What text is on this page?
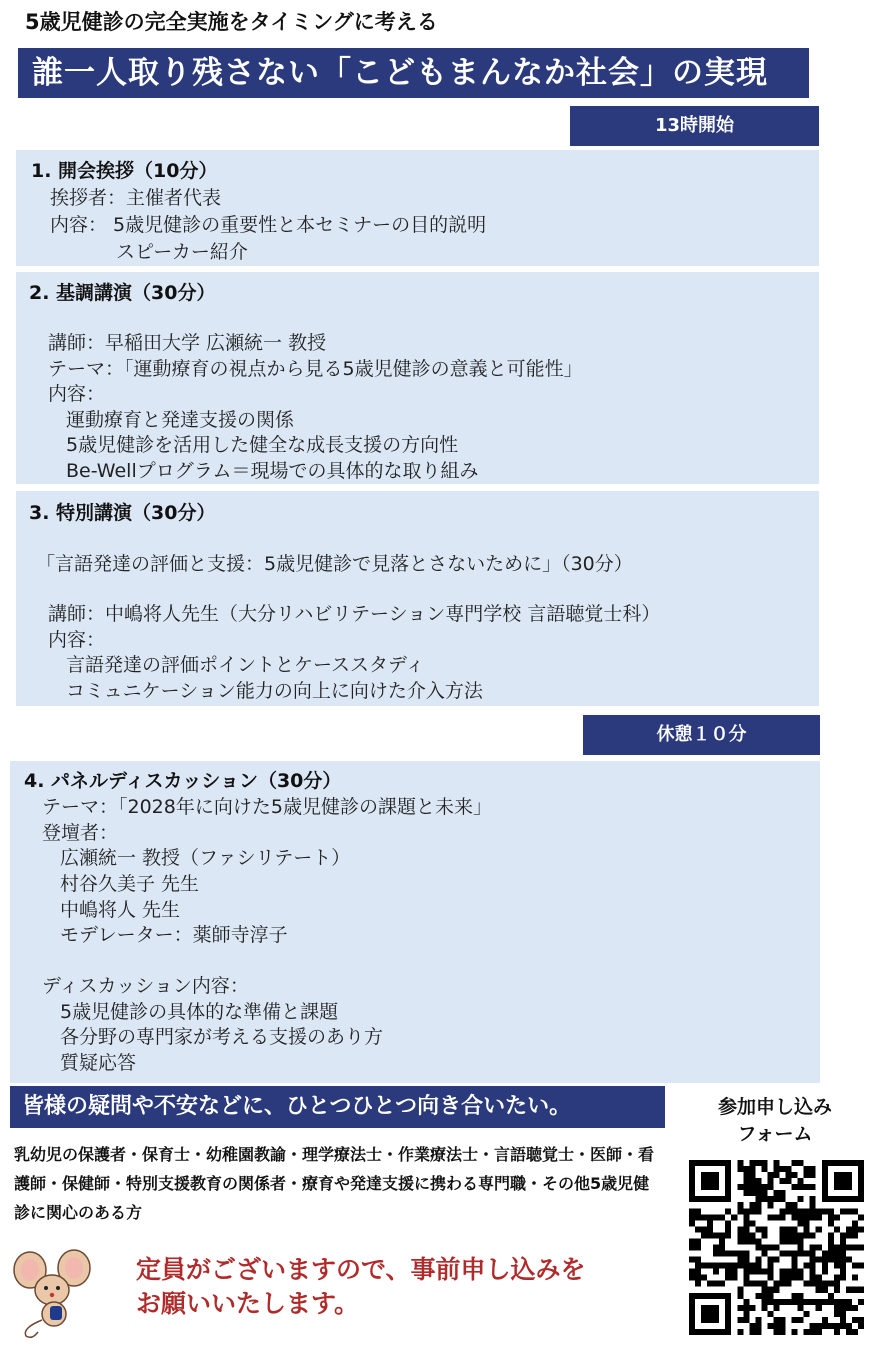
5歳児健診の完全実施をタイミングに考える
誰一人取り残さない「こどもまんなか社会」の実現
13時開始
1. 開会挨拶（10分）
挨拶者：主催者代表
内容： 5歳児健診の重要性と本セミナーの目的説明
スピーカー紹介
2. 基調講演（30分）
講師：早稲田大学 広瀬統一 教授
テーマ：「運動療育の視点から見る5歳児健診の意義と可能性」
内容：
運動療育と発達支援の関係
5歳児健診を活用した健全な成長支援の方向性
Be-Wellプログラム＝現場での具体的な取り組み
3. 特別講演（30分）
「言語発達の評価と支援：5歳児健診で見落とさないために」（30分）
講師：中嶋将人先生（大分リハビリテーション専門学校 言語聴覚士科）
内容：
言語発達の評価ポイントとケーススタディ
コミュニケーション能力の向上に向けた介入方法
休憩１０分
4. パネルディスカッション（30分）
テーマ：「2028年に向けた5歳児健診の課題と未来」
登壇者：
広瀬統一 教授（ファシリテート）
村谷久美子 先生
中嶋将人 先生
モデレーター：薬師寺淳子
ディスカッション内容：
5歳児健診の具体的な準備と課題
各分野の専門家が考える支援のあり方
質疑応答
皆様の疑問や不安などに、ひとつひとつ向き合いたい。
乳幼児の保護者・保育士・幼稚園教諭・理学療法士・作業療法士・言語聴覚士・医師・看護師・保健師・特別支援教育の関係者・療育や発達支援に携わる専門職・その他5歳児健診に関心のある方
参加申し込み
フォーム
定員がございますので、事前申し込みを
お願いいたします。
